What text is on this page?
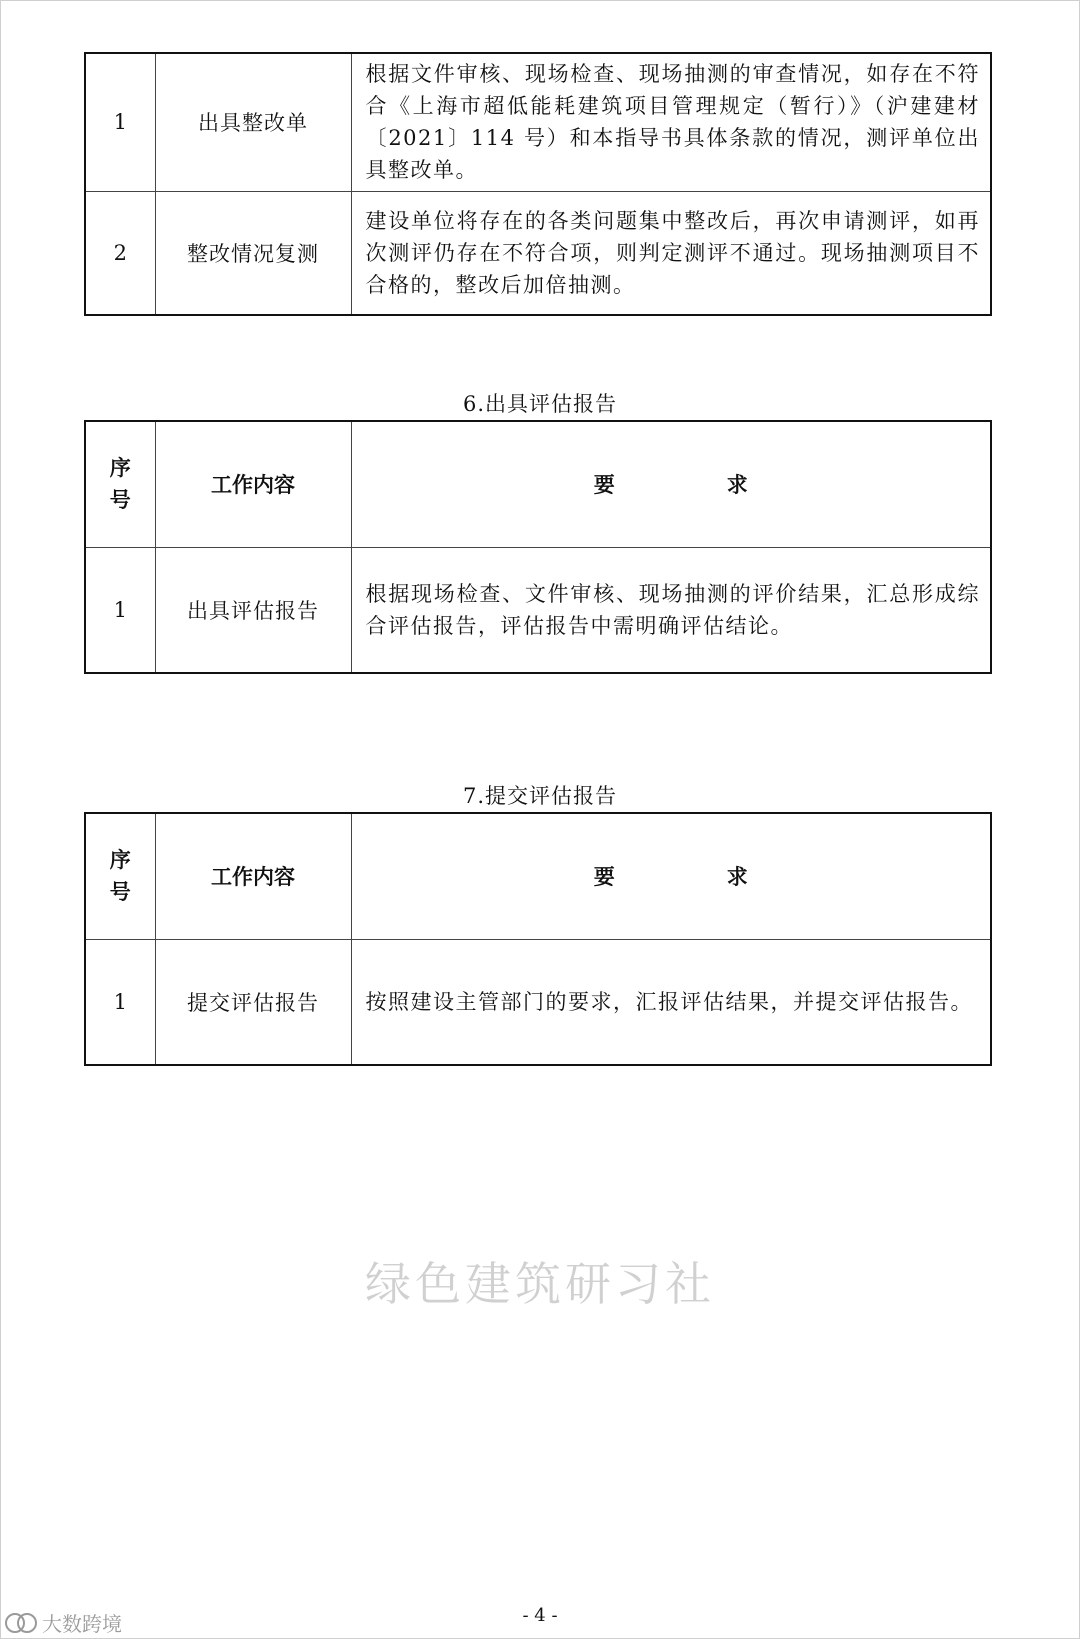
1	出具整改单	根据文件审核、现场检查、现场抽测的审查情况，如存在不符合《上海市超低能耗建筑项目管理规定（暂行）》（沪建建材〔2021〕114 号）和本指导书具体条款的情况，测评单位出具整改单。
2	整改情况复测	建设单位将存在的各类问题集中整改后，再次申请测评，如再次测评仍存在不符合项，则判定测评不通过。现场抽测项目不合格的，整改后加倍抽测。
6.出具评估报告
序
号	工作内容	要 求
1	出具评估报告	根据现场检查、文件审核、现场抽测的评价结果，汇总形成综合评估报告，评估报告中需明确评估结论。
7.提交评估报告
序
号	工作内容	要 求
1	提交评估报告	按照建设主管部门的要求，汇报评估结果，并提交评估报告。
绿色建筑研习社
- 4 -
大数跨境
